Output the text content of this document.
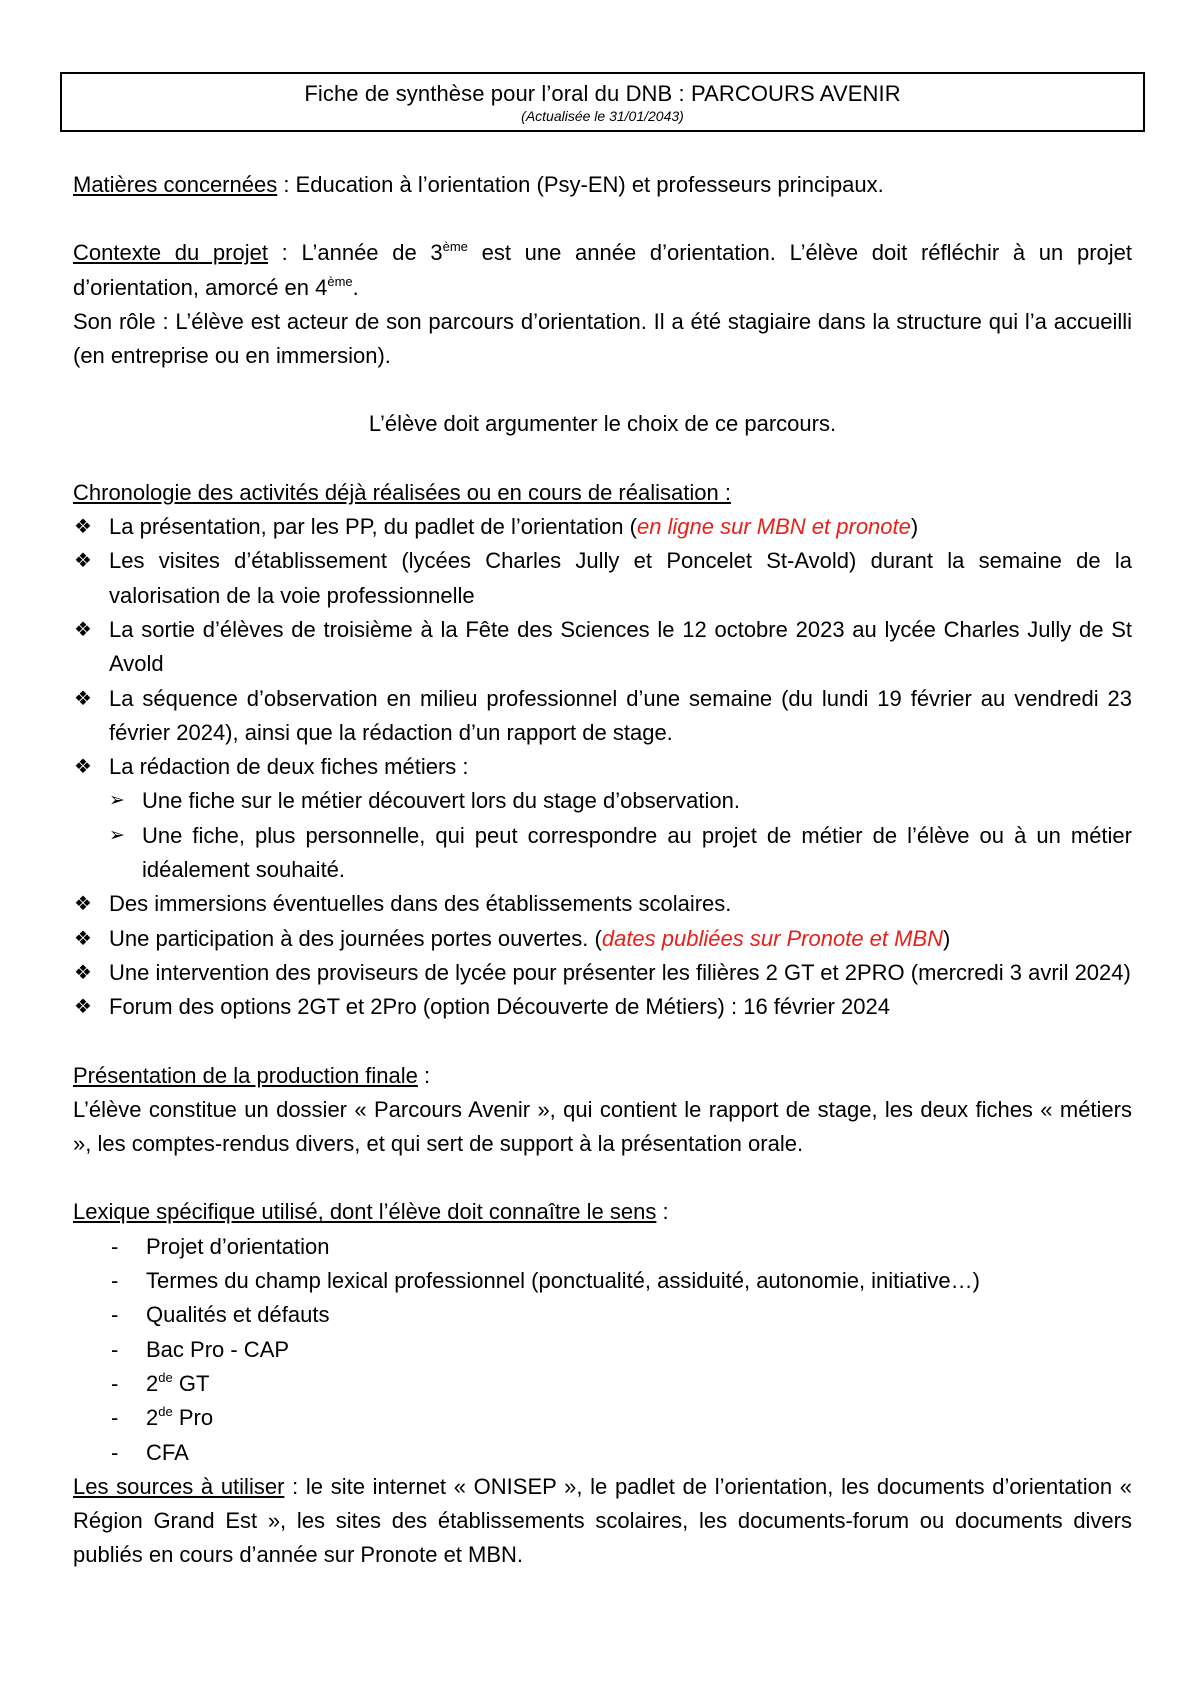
Fiche de synthèse pour l’oral du DNB : PARCOURS AVENIR
(Actualisée le 31/01/2043)

Matières concernées : Education à l’orientation (Psy-EN) et professeurs principaux.

Contexte du projet : L’année de 3ème est une année d’orientation. L’élève doit réfléchir à un projet d’orientation, amorcé en 4ème.

Son rôle : L’élève est acteur de son parcours d’orientation. Il a été stagiaire dans la structure qui l’a accueilli (en entreprise ou en immersion).

L’élève doit argumenter le choix de ce parcours.

Chronologie des activités déjà réalisées ou en cours de réalisation :

❖ La présentation, par les PP, du padlet de l’orientation (en ligne sur MBN et pronote)
❖ Les visites d’établissement (lycées Charles Jully et Poncelet St-Avold) durant la semaine de la valorisation de la voie professionnelle
❖ La sortie d’élèves de troisième à la Fête des Sciences le 12 octobre 2023 au lycée Charles Jully de St Avold
❖ La séquence d’observation en milieu professionnel d’une semaine (du lundi 19 février au vendredi 23 février 2024), ainsi que la rédaction d’un rapport de stage.
❖ La rédaction de deux fiches métiers :
➢ Une fiche sur le métier découvert lors du stage d’observation.
➢ Une fiche, plus personnelle, qui peut correspondre au projet de métier de l’élève ou à un métier idéalement souhaité.
❖ Des immersions éventuelles dans des établissements scolaires.
❖ Une participation à des journées portes ouvertes. (dates publiées sur Pronote et MBN)
❖ Une intervention des proviseurs de lycée pour présenter les filières 2 GT et 2PRO (mercredi 3 avril 2024)
❖ Forum des options 2GT et 2Pro (option Découverte de Métiers) : 16 février 2024

Présentation de la production finale :

L’élève constitue un dossier « Parcours Avenir », qui contient le rapport de stage, les deux fiches « métiers », les comptes-rendus divers, et qui sert de support à la présentation orale.

Lexique spécifique utilisé, dont l’élève doit connaître le sens :

- Projet d’orientation
- Termes du champ lexical professionnel (ponctualité, assiduité, autonomie, initiative…)
- Qualités et défauts
- Bac Pro - CAP
- 2de GT
- 2de Pro
- CFA

Les sources à utiliser : le site internet « ONISEP », le padlet de l’orientation, les documents d’orientation « Région Grand Est », les sites des établissements scolaires, les documents-forum ou documents divers publiés en cours d’année sur Pronote et MBN.
